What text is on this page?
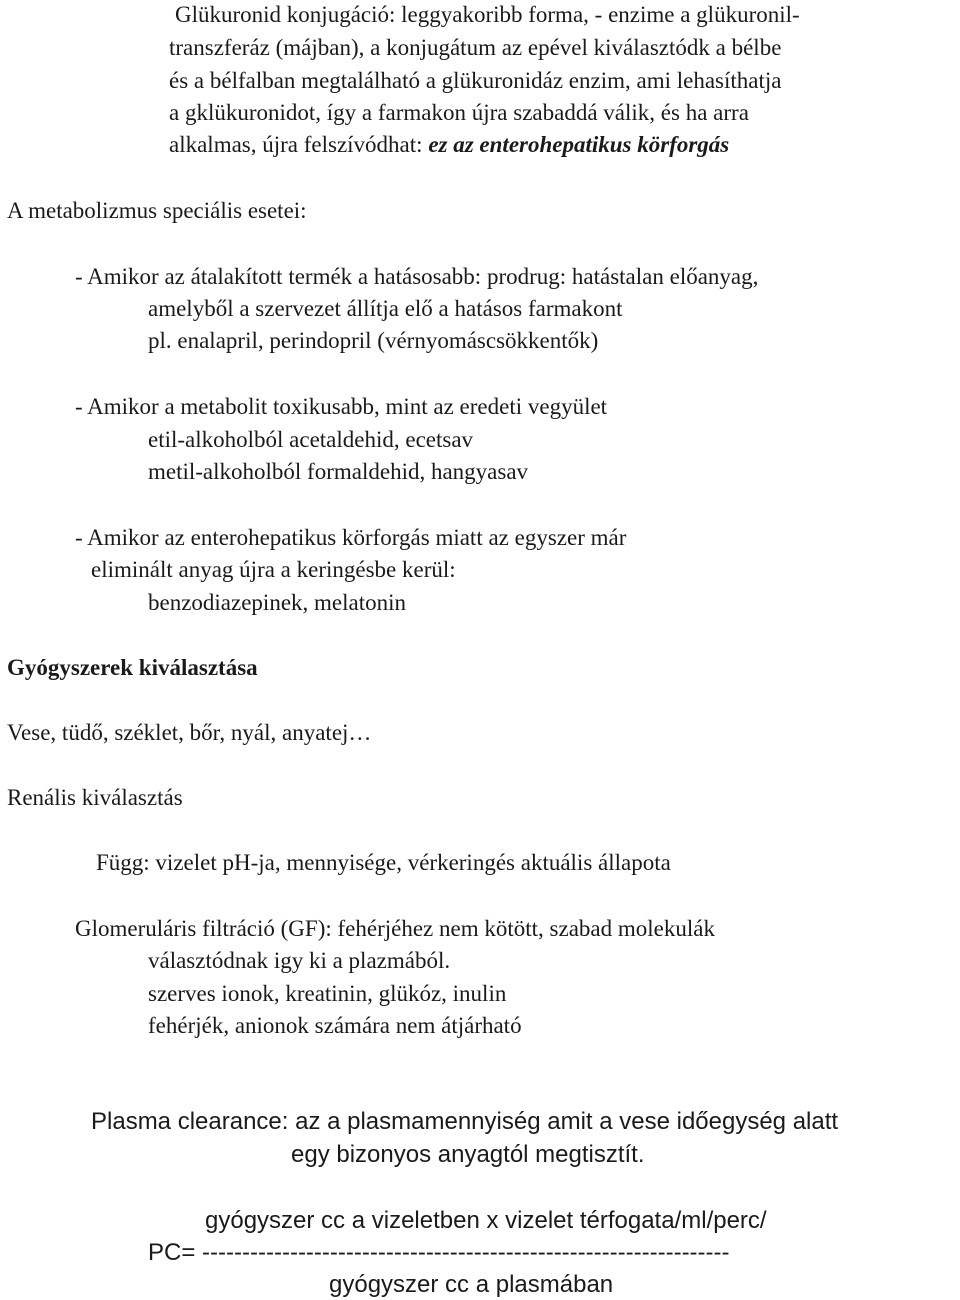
Glükuronid konjugáció: leggyakoribb forma, - enzime a glükuronil-
transzferáz (májban), a konjugátum az epével kiválasztódk a bélbe
és a bélfalban megtalálható a glükuronidáz enzim, ami lehasíthatja
a gklükuronidot, így a farmakon újra szabaddá válik, és ha arra
alkalmas, újra felszívódhat: ez az enterohepatikus körforgás
A metabolizmus speciális esetei:
- Amikor az átalakított termék a hatásosabb: prodrug: hatástalan előanyag,
amelyből a szervezet állítja elő a hatásos farmakont
pl. enalapril, perindopril (vérnyomáscsökkentők)
- Amikor a metabolit toxikusabb, mint az eredeti vegyület
etil-alkoholból acetaldehid, ecetsav
metil-alkoholból formaldehid, hangyasav
- Amikor az enterohepatikus körforgás miatt az egyszer már
eliminált anyag újra a keringésbe kerül:
benzodiazepinek, melatonin
Gyógyszerek kiválasztása
Vese, tüdő, széklet, bőr, nyál, anyatej…
Renális kiválasztás
Függ: vizelet pH-ja, mennyisége, vérkeringés aktuális állapota
Glomeruláris filtráció (GF): fehérjéhez nem kötött, szabad molekulák
választódnak igy ki a plazmából.
szerves ionok, kreatinin, glükóz, inulin
fehérjék, anionok számára nem átjárható
Plasma clearance: az a plasmamennyiség amit a vese időegység alatt
egy bizonyos anyagtól megtisztít.
gyógyszer cc a vizeletben x vizelet térfogata/ml/perc/
PC= ------------------------------------------------------------------
gyógyszer cc a plasmában
